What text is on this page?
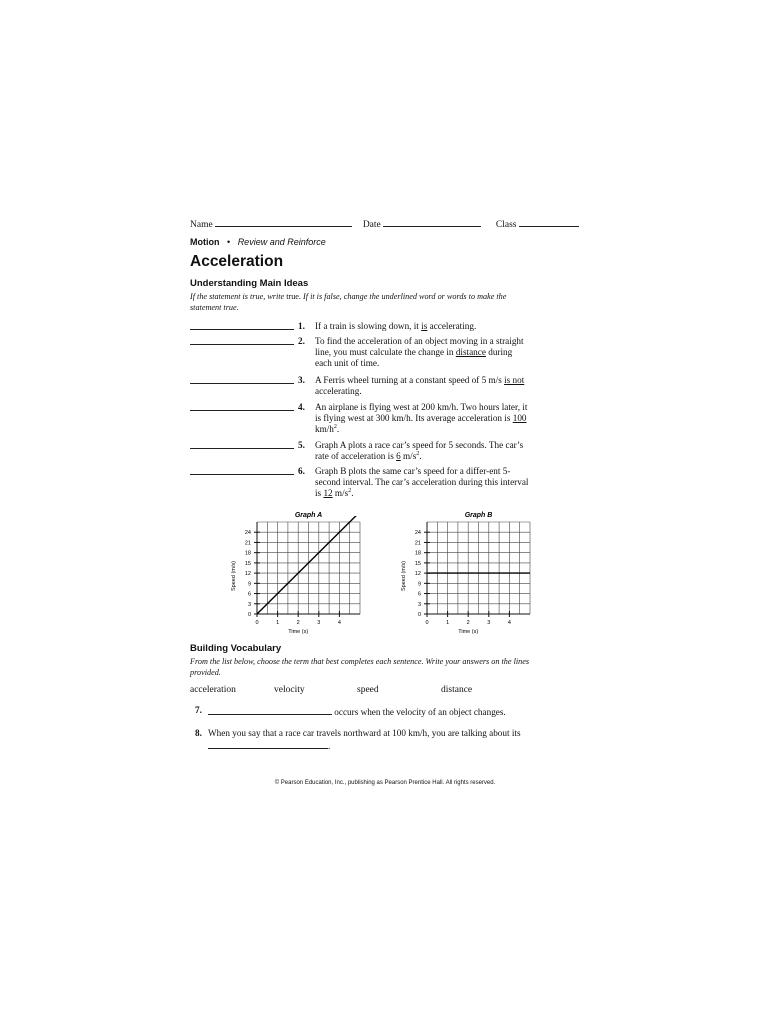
Name	Date	Class
Motion • Review and Reinforce
Acceleration
Understanding Main Ideas
If the statement is true, write true. If it is false, change the underlined word or words to make the statement true.
1. If a train is slowing down, it is accelerating.
2. To find the acceleration of an object moving in a straight line, you must calculate the change in distance during each unit of time.
3. A Ferris wheel turning at a constant speed of 5 m/s is not accelerating.
4. An airplane is flying west at 200 km/h. Two hours later, it is flying west at 300 km/h. Its average acceleration is 100 $km/h^2$.
5. Graph A plots a race car’s speed for 5 seconds. The car’s rate of acceleration is 6 $m/s^2$.
6. Graph B plots the same car’s speed for a differ-ent 5-second interval. The car’s acceleration during this interval is 12 $m/s^2$.
Graph A
0
3
6
9
12
15
18
21
24
0	1	2	3	4
Time (s)
Speed (m/s)
Graph B
0
3
6
9
12
15
18
21
24
0	1	2	3	4
Time (s)
Speed (m/s)
Building Vocabulary
From the list below, choose the term that best completes each sentence. Write your answers on the lines provided.
acceleration	velocity	speed	distance
7.	occurs when the velocity of an object changes.
8. When you say that a race car travels northward at 100 km/h, you are talking about its .
© Pearson Education, Inc., publishing as Pearson Prentice Hall. All rights reserved.
